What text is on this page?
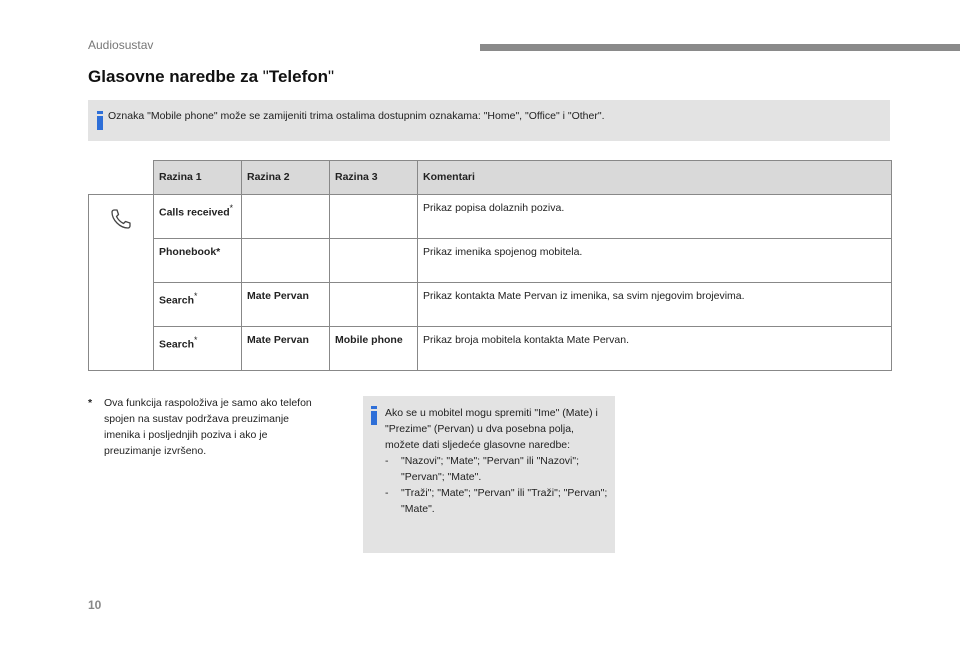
Audiosustav
Glasovne naredbe za "Telefon"
Oznaka "Mobile phone" može se zamijeniti trima ostalima dostupnim oznakama: "Home", "Office" i "Other".
	Razina 1	Razina 2	Razina 3	Komentari
	Calls received*			Prikaz popisa dolaznih poziva.
	Phonebook*			Prikaz imenika spojenog mobitela.
	Search*	Mate Pervan		Prikaz kontakta Mate Pervan iz imenika, sa svim njegovim brojevima.
	Search*	Mate Pervan	Mobile phone	Prikaz broja mobitela kontakta Mate Pervan.
* Ova funkcija raspoloživa je samo ako telefon spojen na sustav podržava preuzimanje imenika i posljednjih poziva i ako je preuzimanje izvršeno.
Ako se u mobitel mogu spremiti "Ime" (Mate) i "Prezime" (Pervan) u dva posebna polja, možete dati sljedeće glasovne naredbe:
- "Nazovi"; "Mate"; "Pervan" ili "Nazovi"; "Pervan"; "Mate".
- "Traži"; "Mate"; "Pervan" ili "Traži"; "Pervan"; "Mate".
10
